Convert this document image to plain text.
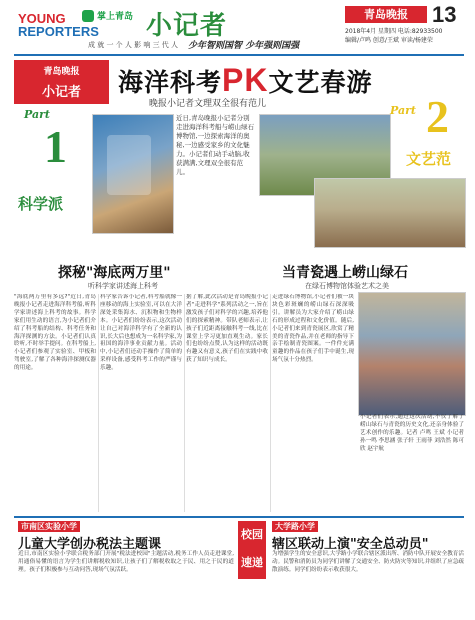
YOUNG
REPORTERS
掌上青岛 小记者
成 就 一 个 人 影 响 三 代 人 少年智则国智 少年强则国强
青岛晚报	13
2018年4月 星期四 电话:82933500
编辑/卢鸣 创意/王斌 审读/杨建荣
青岛晚报
小记者	海洋科考PK文艺春游
晚报小记者文理双全很有范儿
Part
1
科学派
近日,青岛晚报小记者分别走进海洋科考船与崂山绿石博物馆,一边探索海洋的奥秘,一边感受家乡的文化魅力。小记者们动手动脑,收获满满,文理双全很有范儿。
Part 2
文艺范
探秘"海底两万里"
听科学家讲述海上科考
当青瓷遇上崂山绿石
在绿石博物馆体验艺术之美
"海底两万里有多远?"近日,青岛晚报小记者走进海洋科考船,听科学家讲述海上科考的故事。科学家们用生动的语言,为小记者们介绍了科考船的结构、科考任务和海洋探测的方法。小记者们认真聆听,不时举手提问。在科考船上,小记者们参观了实验室、甲板和驾驶室,了解了各种海洋探测仪器的用途。
科学家告诉小记者,科考船就像一座移动的海上实验室,可以在大洋深处采集海水、沉积物和生物样本。小记者们纷纷表示,这次活动让自己对海洋科学有了全新的认识,长大后也想成为一名科学家,为祖国的海洋事业贡献力量。活动中,小记者们还动手操作了简单的采样设备,感受科考工作的严谨与乐趣。
据了解,此次活动是青岛晚报小记者"走进科学"系列活动之一,旨在激发孩子们对科学的兴趣,培养他们的探索精神。带队老师表示,让孩子们近距离接触科考一线,比在课堂上学习更加直观生动。家长们也纷纷点赞,认为这样的活动既有趣又有意义,孩子们在实践中收获了知识与成长。
走进绿石博物馆,小记者们被一块块色彩斑斓的崂山绿石深深吸引。讲解员为大家介绍了崂山绿石的形成过程和文化价值。随后,小记者们来到青瓷展区,欣赏了精美的青瓷作品,并在老师的指导下亲手绘制青瓷图案。一件件充满童趣的作品在孩子们手中诞生,现场气氛十分热烈。
小记者们表示,通过这次活动,不仅了解了崂山绿石与青瓷的历史文化,还亲身体验了艺术创作的乐趣。记者 卢鸣 王斌 小记者 孙一鸣 李思涵 张子轩 王雨菲 刘浩然 陈可欣 赵宇航
市南区实验小学
儿童大学创办税法主题课
近日,市南区实验小学联合税务部门开展"税法进校园"主题活动,税务工作人员走进课堂,用通俗易懂的语言为学生们讲解税收知识,让孩子们了解税收取之于民、用之于民的道理。孩子们积极参与互动问答,现场气氛活跃。
校园速递
大学路小学
辖区联动上演"安全总动员"
为增强学生的安全意识,大学路小学联合辖区派出所、消防中队开展安全教育活动。民警和消防员为同学们讲解了交通安全、防火防灾等知识,并组织了应急疏散演练。同学们纷纷表示收获很大。
